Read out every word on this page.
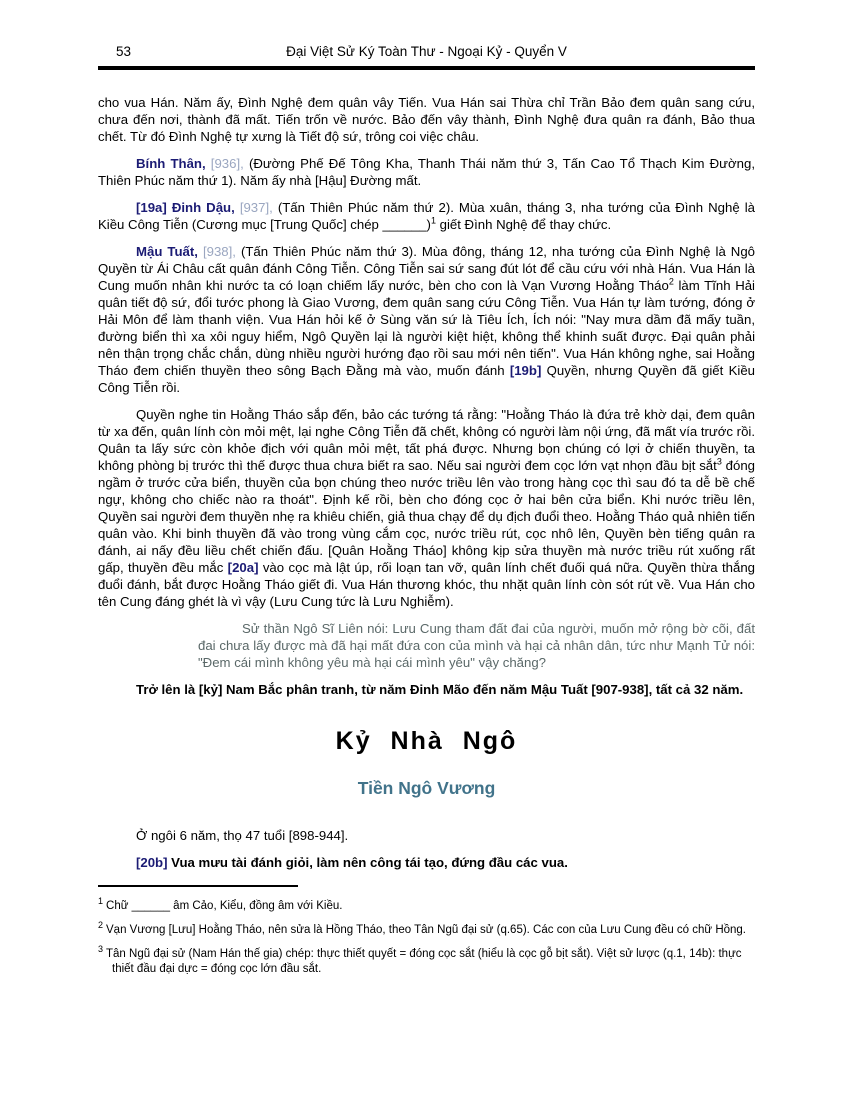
53	Đại Việt Sử Ký Toàn Thư - Ngoại Kỷ - Quyển V
cho vua Hán. Năm ấy, Đình Nghệ đem quân vây Tiến. Vua Hán sai Thừa chỉ Trần Bảo đem quân sang cứu, chưa đến nơi, thành đã mất. Tiến trốn về nước. Bảo đến vây thành, Đình Nghệ đưa quân ra đánh, Bảo thua chết. Từ đó Đình Nghệ tự xưng là Tiết độ sứ, trông coi việc châu.
Bính Thân, [936], (Đường Phế Đế Tông Kha, Thanh Thái năm thứ 3, Tấn Cao Tổ Thạch Kim Đường, Thiên Phúc năm thứ 1). Năm ấy nhà [Hậu] Đường mất.
[19a] Đinh Dậu, [937], (Tấn Thiên Phúc năm thứ 2). Mùa xuân, tháng 3, nha tướng của Đình Nghệ là Kiều Công Tiễn (Cương mục [Trung Quốc] chép ______)$^1$ giết Đình Nghệ để thay chức.
Mậu Tuất, [938], (Tấn Thiên Phúc năm thứ 3). Mùa đông, tháng 12, nha tướng của Đình Nghệ là Ngô Quyền từ Ái Châu cất quân đánh Công Tiễn. Công Tiễn sai sứ sang đút lót để cầu cứu với nhà Hán. Vua Hán là Cung muốn nhân khi nước ta có loạn chiếm lấy nước, bèn cho con là Vạn Vương Hoằng Tháo$^2$ làm Tĩnh Hải quân tiết độ sứ, đổi tước phong là Giao Vương, đem quân sang cứu Công Tiễn. Vua Hán tự làm tướng, đóng ở Hải Môn để làm thanh viện. Vua Hán hỏi kế ở Sùng văn sứ là Tiêu Ích, Ích nói: "Nay mưa dầm đã mấy tuần, đường biển thì xa xôi nguy hiểm, Ngô Quyền lại là người kiệt hiệt, không thể khinh suất được. Đại quân phải nên thận trọng chắc chắn, dùng nhiều người hướng đạo rồi sau mới nên tiến". Vua Hán không nghe, sai Hoằng Tháo đem chiến thuyền theo sông Bạch Đằng mà vào, muốn đánh [19b] Quyền, nhưng Quyền đã giết Kiều Công Tiễn rồi.
Quyền nghe tin Hoằng Tháo sắp đến, bảo các tướng tá rằng: "Hoằng Tháo là đứa trẻ khờ dại, đem quân từ xa đến, quân lính còn mỏi mệt, lại nghe Công Tiễn đã chết, không có người làm nội ứng, đã mất vía trước rồi. Quân ta lấy sức còn khỏe địch với quân mỏi mệt, tất phá được. Nhưng bọn chúng có lợi ở chiến thuyền, ta không phòng bị trước thì thế được thua chưa biết ra sao. Nếu sai người đem cọc lớn vạt nhọn đầu bịt sắt$^3$ đóng ngầm ở trước cửa biển, thuyền của bọn chúng theo nước triều lên vào trong hàng cọc thì sau đó ta dễ bề chế ngự, không cho chiếc nào ra thoát". Định kế rồi, bèn cho đóng cọc ở hai bên cửa biển. Khi nước triều lên, Quyền sai người đem thuyền nhẹ ra khiêu chiến, giả thua chạy để dụ địch đuổi theo. Hoằng Tháo quả nhiên tiến quân vào. Khi binh thuyền đã vào trong vùng cắm cọc, nước triều rút, cọc nhô lên, Quyền bèn tiếng quân ra đánh, ai nấy đều liều chết chiến đấu. [Quân Hoằng Tháo] không kịp sửa thuyền mà nước triều rút xuống rất gấp, thuyền đều mắc [20a] vào cọc mà lật úp, rối loạn tan vỡ, quân lính chết đuối quá nữa. Quyền thừa thắng đuổi đánh, bắt được Hoằng Tháo giết đi. Vua Hán thương khóc, thu nhặt quân lính còn sót rút về. Vua Hán cho tên Cung đáng ghét là vì vậy (Lưu Cung tức là Lưu Nghiễm).
Sử thần Ngô Sĩ Liên nói: Lưu Cung tham đất đai của người, muốn mở rộng bờ cõi, đất đai chưa lấy được mà đã hại mất đứa con của mình và hại cả nhân dân, tức như Mạnh Tử nói: "Đem cái mình không yêu mà hại cái mình yêu" vậy chăng?
Trở lên là [kỷ] Nam Bắc phân tranh, từ năm Đinh Mão đến năm Mậu Tuất [907-938], tất cả 32 năm.
Kỷ Nhà Ngô
Tiền Ngô Vương
Ở ngôi 6 năm, thọ 47 tuổi [898-944].
[20b] Vua mưu tài đánh giỏi, làm nên công tái tạo, đứng đầu các vua.
$^1$ Chữ ______ âm Cảo, Kiểu, đồng âm với Kiều.
$^2$ Vạn Vương [Lưu] Hoằng Tháo, nên sửa là Hồng Tháo, theo Tân Ngũ đại sử (q.65). Các con của Lưu Cung đều có chữ Hồng.
$^3$ Tân Ngũ đại sử (Nam Hán thế gia) chép: thực thiết quyết = đóng cọc sắt (hiểu là cọc gỗ bịt sắt). Việt sử lược (q.1, 14b): thực thiết đầu đại dực = đóng cọc lớn đầu sắt.
